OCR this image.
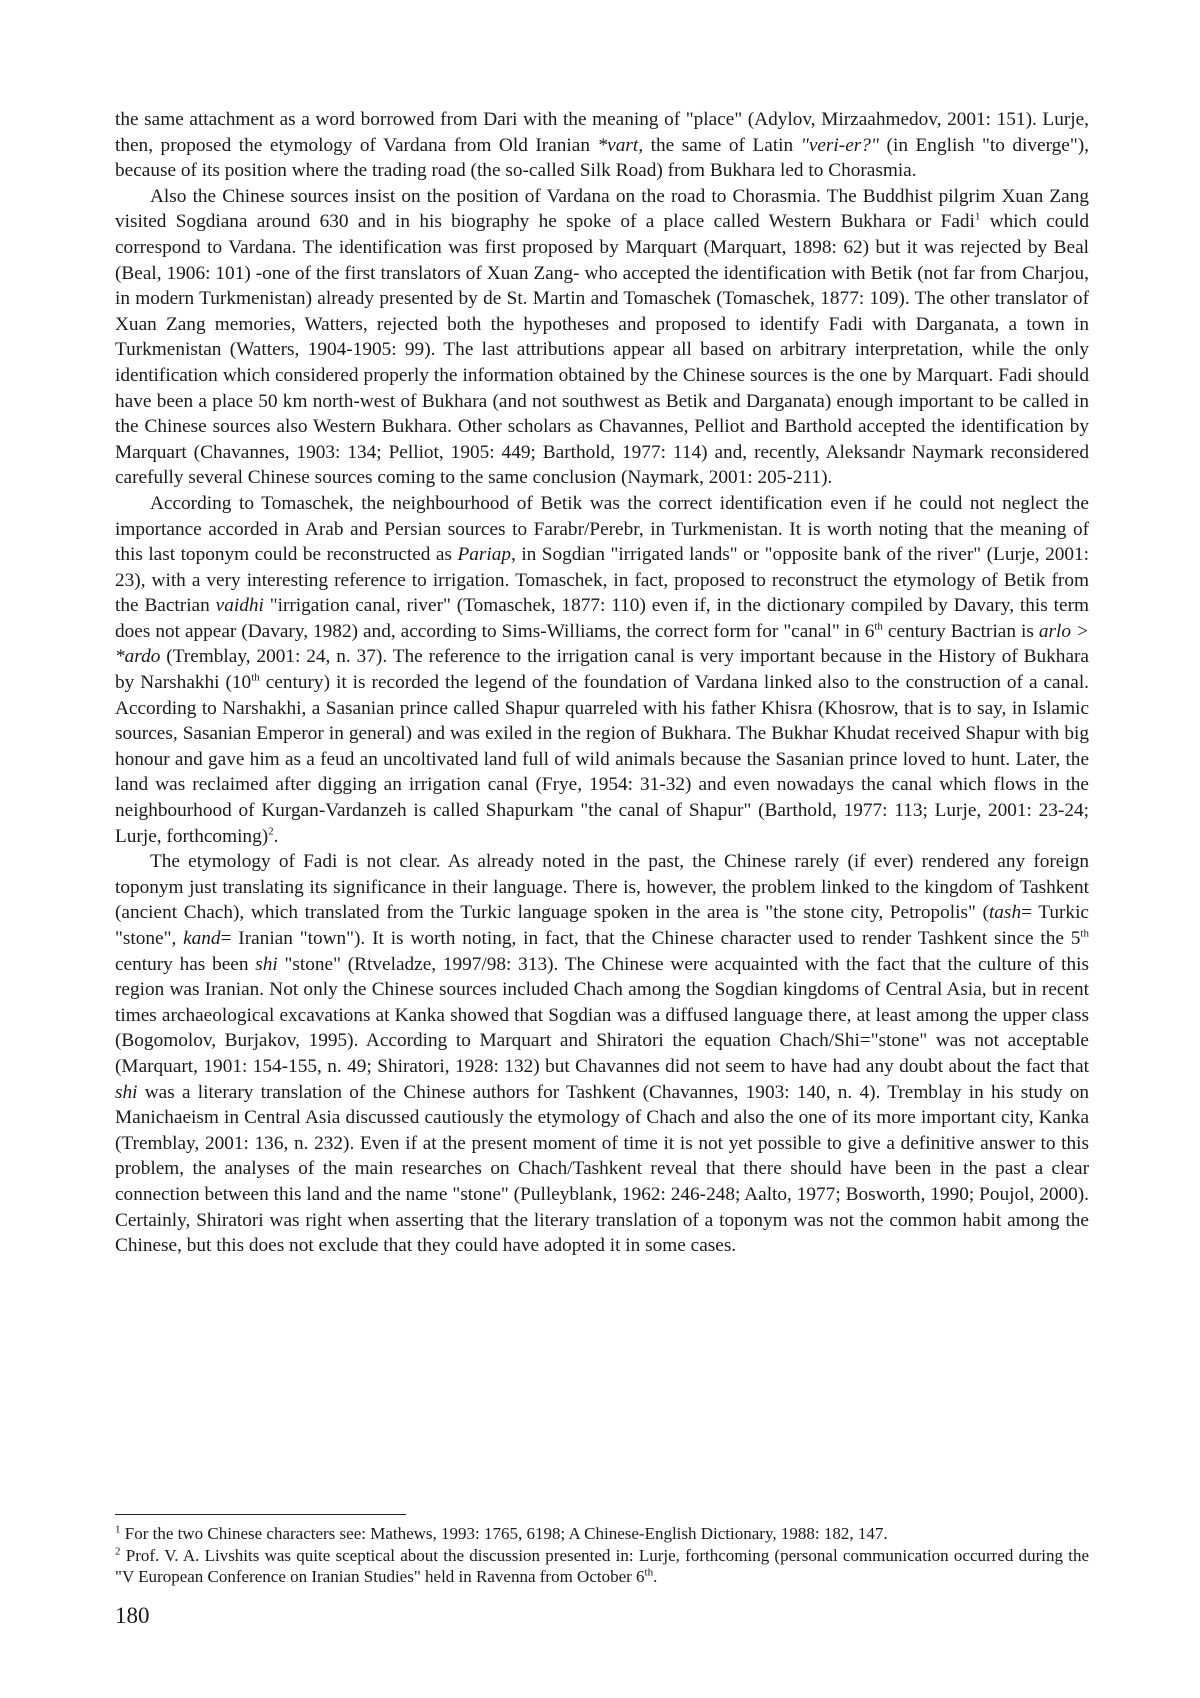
the same attachment as a word borrowed from Dari with the meaning of "place" (Adylov, Mirzaahmedov, 2001: 151). Lurje, then, proposed the etymology of Vardana from Old Iranian *vart, the same of Latin "veri-er?" (in English "to diverge"), because of its position where the trading road (the so-called Silk Road) from Bukhara led to Chorasmia.

Also the Chinese sources insist on the position of Vardana on the road to Chorasmia. The Buddhist pilgrim Xuan Zang visited Sogdiana around 630 and in his biography he spoke of a place called Western Bukhara or Fadi$^1$ which could correspond to Vardana. The identification was first proposed by Marquart (Marquart, 1898: 62) but it was rejected by Beal (Beal, 1906: 101) -one of the first translators of Xuan Zang- who accepted the identification with Betik (not far from Charjou, in modern Turkmenistan) already presented by de St. Martin and Tomaschek (Tomaschek, 1877: 109). The other translator of Xuan Zang memories, Watters, rejected both the hypotheses and proposed to identify Fadi with Darganata, a town in Turkmenistan (Watters, 1904-1905: 99). The last attributions appear all based on arbitrary interpretation, while the only identification which considered properly the information obtained by the Chinese sources is the one by Marquart. Fadi should have been a place 50 km north-west of Bukhara (and not southwest as Betik and Darganata) enough important to be called in the Chinese sources also Western Bukhara. Other scholars as Chavannes, Pelliot and Barthold accepted the identification by Marquart (Chavannes, 1903: 134; Pelliot, 1905: 449; Barthold, 1977: 114) and, recently, Aleksandr Naymark reconsidered carefully several Chinese sources coming to the same conclusion (Naymark, 2001: 205-211).

According to Tomaschek, the neighbourhood of Betik was the correct identification even if he could not neglect the importance accorded in Arab and Persian sources to Farabr/Perebr, in Turkmenistan. It is worth noting that the meaning of this last toponym could be reconstructed as Pariap, in Sogdian "irrigated lands" or "opposite bank of the river" (Lurje, 2001: 23), with a very interesting reference to irrigation. Tomaschek, in fact, proposed to reconstruct the etymology of Betik from the Bactrian vaidhi "irrigation canal, river" (Tomaschek, 1877: 110) even if, in the dictionary compiled by Davary, this term does not appear (Davary, 1982) and, according to Sims-Williams, the correct form for "canal" in 6th century Bactrian is arlo > *ardo (Tremblay, 2001: 24, n. 37). The reference to the irrigation canal is very important because in the History of Bukhara by Narshakhi (10th century) it is recorded the legend of the foundation of Vardana linked also to the construction of a canal. According to Narshakhi, a Sasanian prince called Shapur quarreled with his father Khisra (Khosrow, that is to say, in Islamic sources, Sasanian Emperor in general) and was exiled in the region of Bukhara. The Bukhar Khudat received Shapur with big honour and gave him as a feud an uncoltivated land full of wild animals because the Sasanian prince loved to hunt. Later, the land was reclaimed after digging an irrigation canal (Frye, 1954: 31-32) and even nowadays the canal which flows in the neighbourhood of Kurgan-Vardanzeh is called Shapurkam "the canal of Shapur" (Barthold, 1977: 113; Lurje, 2001: 23-24; Lurje, forthcoming)$^2$.

The etymology of Fadi is not clear. As already noted in the past, the Chinese rarely (if ever) rendered any foreign toponym just translating its significance in their language. There is, however, the problem linked to the kingdom of Tashkent (ancient Chach), which translated from the Turkic language spoken in the area is "the stone city, Petropolis" (tash= Turkic "stone", kand= Iranian "town"). It is worth noting, in fact, that the Chinese character used to render Tashkent since the 5th century has been shi "stone" (Rtveladze, 1997/98: 313). The Chinese were acquainted with the fact that the culture of this region was Iranian. Not only the Chinese sources included Chach among the Sogdian kingdoms of Central Asia, but in recent times archaeological excavations at Kanka showed that Sogdian was a diffused language there, at least among the upper class (Bogomolov, Burjakov, 1995). According to Marquart and Shiratori the equation Chach/Shi="stone" was not acceptable (Marquart, 1901: 154-155, n. 49; Shiratori, 1928: 132) but Chavannes did not seem to have had any doubt about the fact that shi was a literary translation of the Chinese authors for Tashkent (Chavannes, 1903: 140, n. 4). Tremblay in his study on Manichaeism in Central Asia discussed cautiously the etymology of Chach and also the one of its more important city, Kanka (Tremblay, 2001: 136, n. 232). Even if at the present moment of time it is not yet possible to give a definitive answer to this problem, the analyses of the main researches on Chach/Tashkent reveal that there should have been in the past a clear connection between this land and the name "stone" (Pulleyblank, 1962: 246-248; Aalto, 1977; Bosworth, 1990; Poujol, 2000). Certainly, Shiratori was right when asserting that the literary translation of a toponym was not the common habit among the Chinese, but this does not exclude that they could have adopted it in some cases.

$^1$ For the two Chinese characters see: Mathews, 1993: 1765, 6198; A Chinese-English Dictionary, 1988: 182, 147.

$^2$ Prof. V. A. Livshits was quite sceptical about the discussion presented in: Lurje, forthcoming (personal communication occurred during the "V European Conference on Iranian Studies" held in Ravenna from October 6th.

180
